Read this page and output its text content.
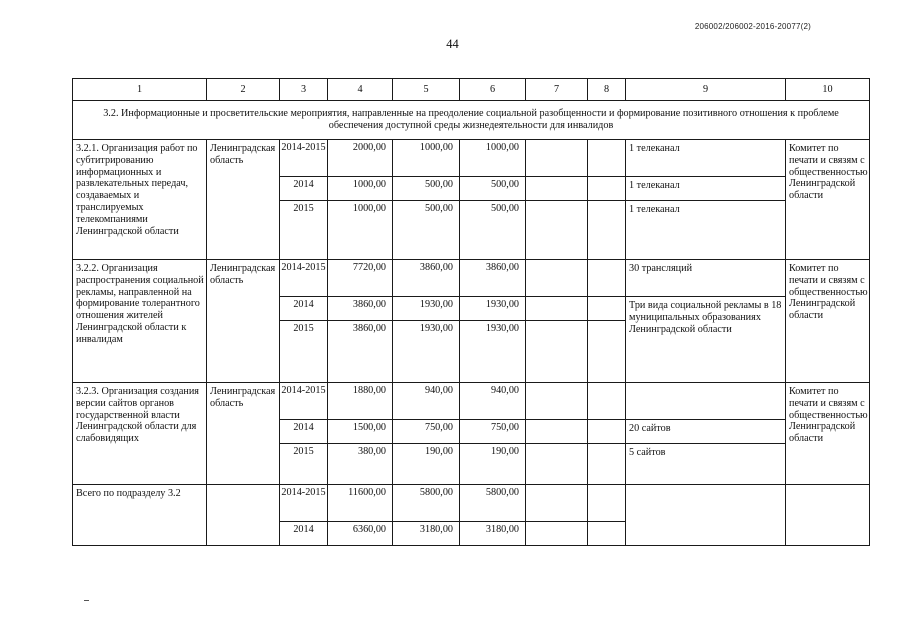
206002/206002-2016-20077(2)
44
1	2	3	4	5	6	7	8	9	10
3.2. Информационные и просветительские мероприятия, направленные на преодоление социальной разобщенности и формирование позитивного отношения к проблеме обеспечения доступной среды жизнедеятельности для инвалидов									
3.2.1. Организация работ по субтитрированию информационных и развлекательных передач, создаваемых и транслируемых телекомпаниями Ленинградской области	Ленинградская область	2014-2015	2000,00	1000,00	1000,00			1 телеканал	Комитет по печати и связям с общественностью Ленинградской области
		2014	1000,00	500,00	500,00			1 телеканал	
		2015	1000,00	500,00	500,00			1 телеканал	
3.2.2. Организация распространения социальной рекламы, направленной на формирование толерантного отношения жителей Ленинградской области к инвалидам	Ленинградская область	2014-2015	7720,00	3860,00	3860,00			30 трансляций	Комитет по печати и связям с общественностью Ленинградской области
		2014	3860,00	1930,00	1930,00			Три вида социальной рекламы в 18 муниципальных образованиях Ленинградской области	
		2015	3860,00	1930,00	1930,00				
3.2.3. Организация создания версии сайтов органов государственной власти Ленинградской области для слабовидящих	Ленинградская область	2014-2015	1880,00	940,00	940,00				Комитет по печати и связям с общественностью Ленинградской области
		2014	1500,00	750,00	750,00			20 сайтов	
		2015	380,00	190,00	190,00			5 сайтов	
Всего по подразделу 3.2		2014-2015	11600,00	5800,00	5800,00				
		2014	6360,00	3180,00	3180,00				
